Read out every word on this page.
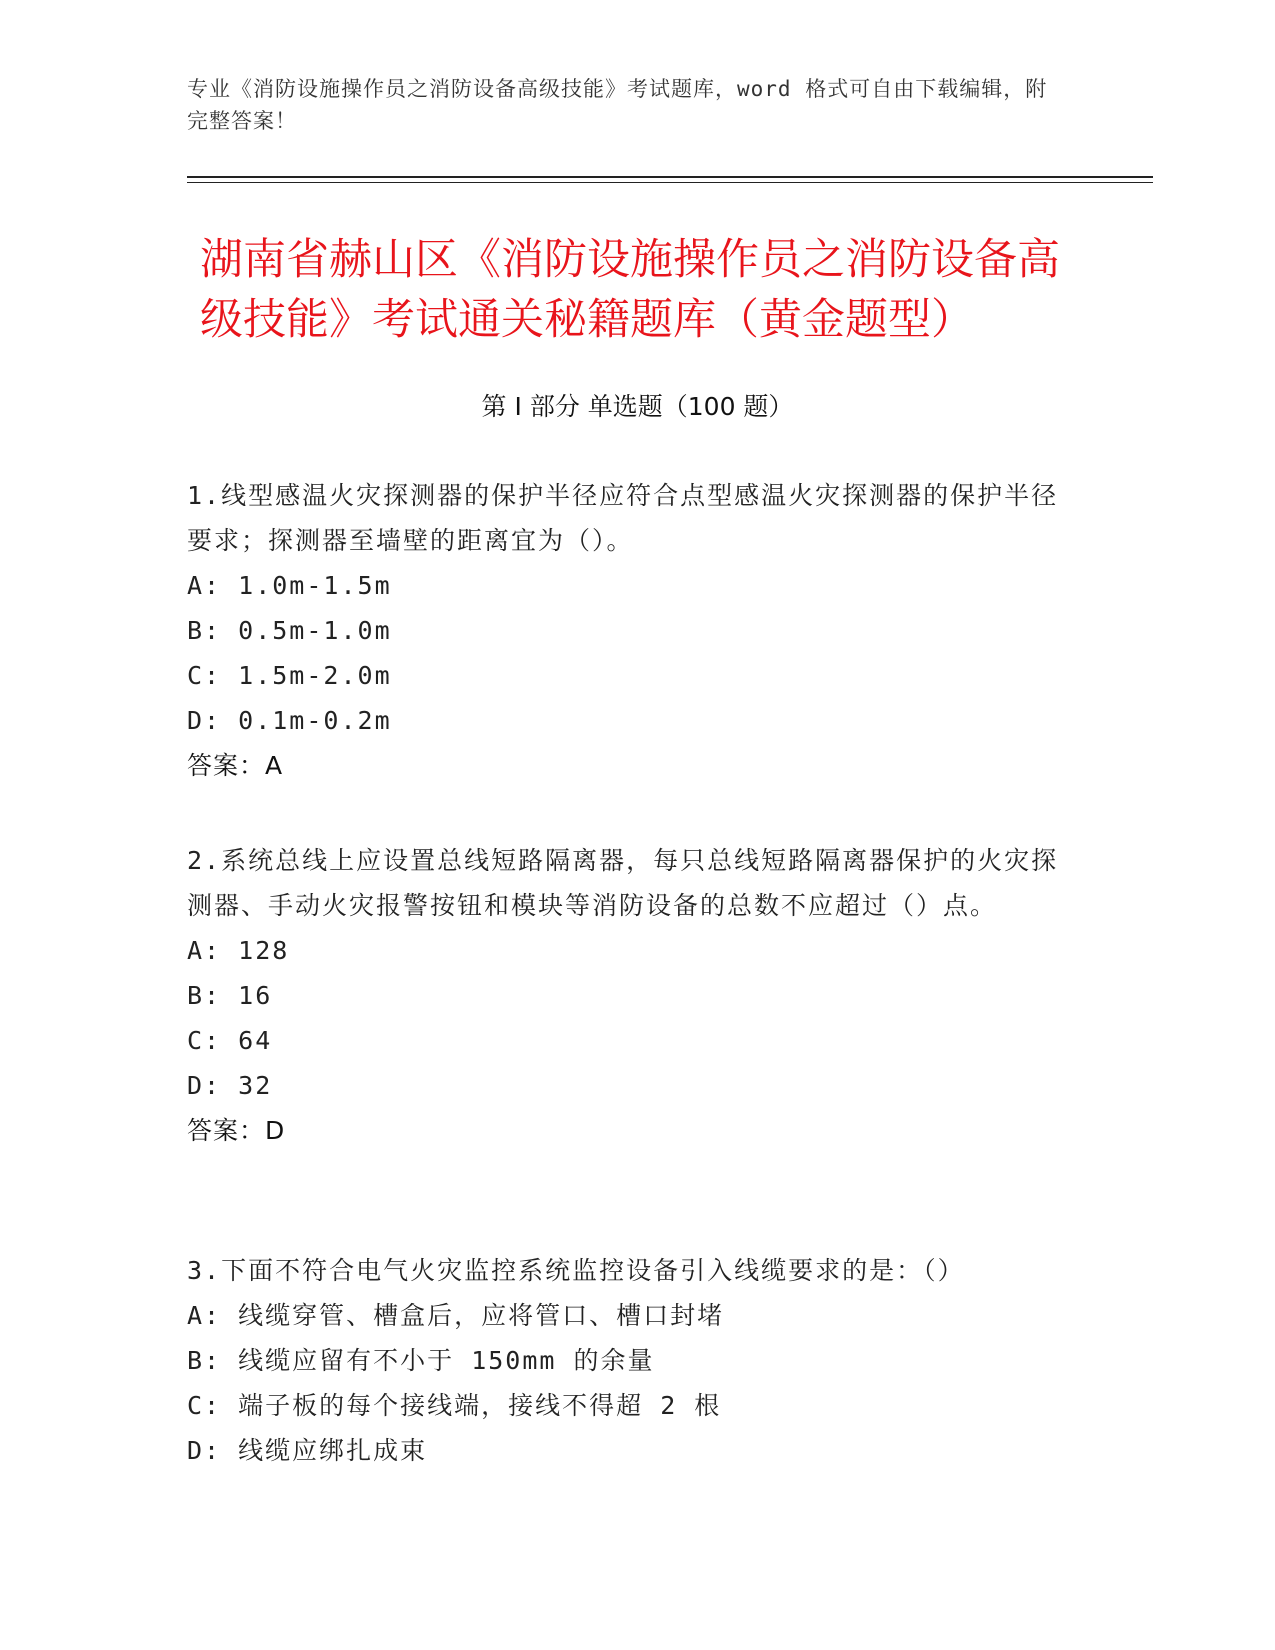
专业《消防设施操作员之消防设备高级技能》考试题库，word 格式可自由下载编辑，附完整答案！
湖南省赫山区《消防设施操作员之消防设备高级技能》考试通关秘籍题库（黄金题型）
第 I 部分 单选题（100 题）
1.线型感温火灾探测器的保护半径应符合点型感温火灾探测器的保护半径要求；探测器至墙壁的距离宜为（）。
A: 1.0m-1.5m
B: 0.5m-1.0m
C: 1.5m-2.0m
D: 0.1m-0.2m
答案：A
2.系统总线上应设置总线短路隔离器，每只总线短路隔离器保护的火灾探测器、手动火灾报警按钮和模块等消防设备的总数不应超过（）点。
A: 128
B: 16
C: 64
D: 32
答案：D
3.下面不符合电气火灾监控系统监控设备引入线缆要求的是：（）
A: 线缆穿管、槽盒后，应将管口、槽口封堵
B: 线缆应留有不小于 150mm 的余量
C: 端子板的每个接线端，接线不得超 2 根
D: 线缆应绑扎成束
